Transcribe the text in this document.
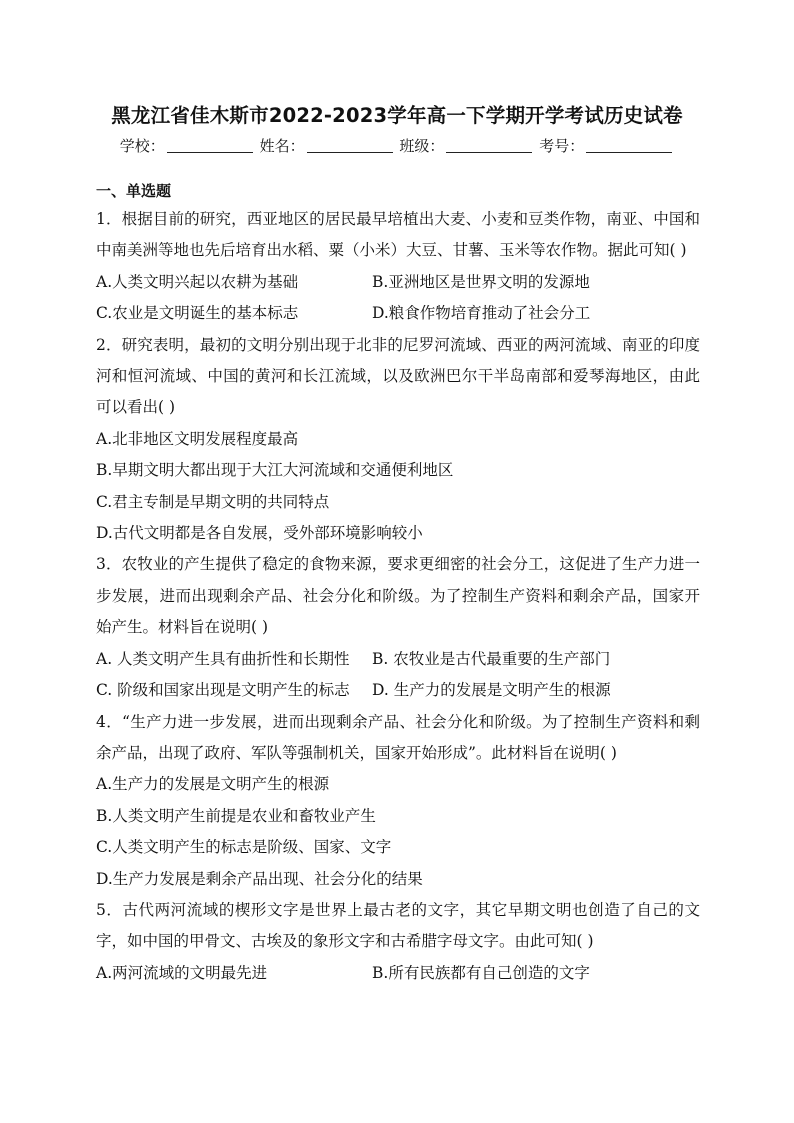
黑龙江省佳木斯市2022-2023学年高一下学期开学考试历史试卷
学校：	姓名：	班级：	考号：
一、单选题

1．根据目前的研究，西亚地区的居民最早培植出大麦、小麦和豆类作物，南亚、中国和中南美洲等地也先后培育出水稻、粟（小米）大豆、甘薯、玉米等农作物。据此可知( )

A.人类文明兴起以农耕为基础	B.亚洲地区是世界文明的发源地
C.农业是文明诞生的基本标志	D.粮食作物培育推动了社会分工

2．研究表明，最初的文明分别出现于北非的尼罗河流域、西亚的两河流域、南亚的印度河和恒河流域、中国的黄河和长江流域，以及欧洲巴尔干半岛南部和爱琴海地区，由此可以看出( )

A.北非地区文明发展程度最高

B.早期文明大都出现于大江大河流域和交通便利地区

C.君主专制是早期文明的共同特点

D.古代文明都是各自发展，受外部环境影响较小

3．农牧业的产生提供了稳定的食物来源，要求更细密的社会分工，这促进了生产力进一步发展，进而出现剩余产品、社会分化和阶级。为了控制生产资料和剩余产品，国家开始产生。材料旨在说明( )

A. 人类文明产生具有曲折性和长期性	B. 农牧业是古代最重要的生产部门
C. 阶级和国家出现是文明产生的标志	D. 生产力的发展是文明产生的根源

4．“生产力进一步发展，进而出现剩余产品、社会分化和阶级。为了控制生产资料和剩余产品，出现了政府、军队等强制机关，国家开始形成”。此材料旨在说明( )

A.生产力的发展是文明产生的根源

B.人类文明产生前提是农业和畜牧业产生

C.人类文明产生的标志是阶级、国家、文字

D.生产力发展是剩余产品出现、社会分化的结果

5．古代两河流域的楔形文字是世界上最古老的文字，其它早期文明也创造了自己的文字，如中国的甲骨文、古埃及的象形文字和古希腊字母文字。由此可知( )

A.两河流域的文明最先进	B.所有民族都有自己创造的文字
